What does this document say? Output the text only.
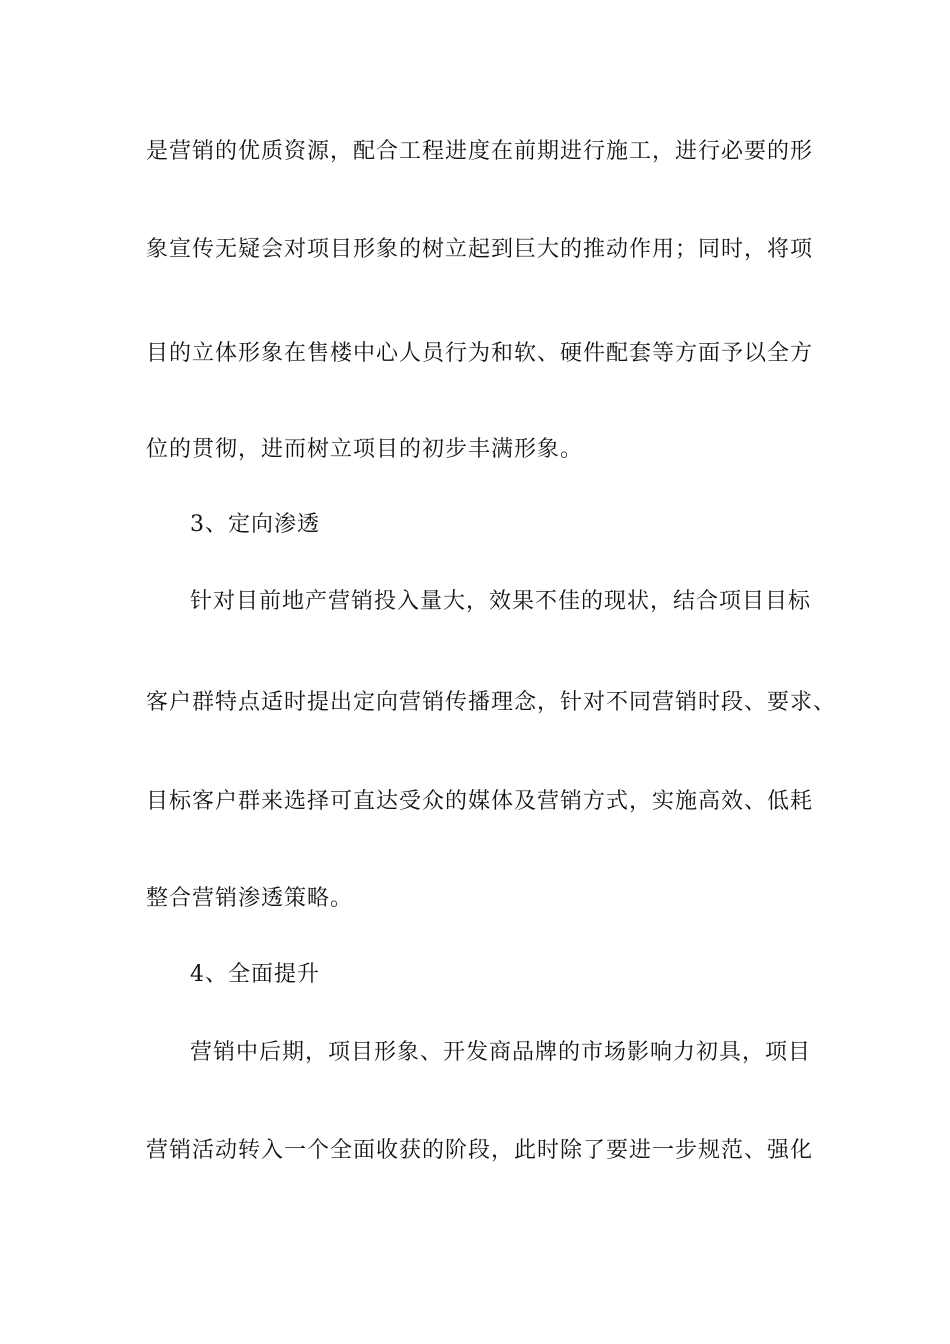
是营销的优质资源，配合工程进度在前期进行施工，进行必要的形
象宣传无疑会对项目形象的树立起到巨大的推动作用；同时，将项
目的立体形象在售楼中心人员行为和软、硬件配套等方面予以全方
位的贯彻，进而树立项目的初步丰满形象。
3、定向渗透
针对目前地产营销投入量大，效果不佳的现状，结合项目目标
客户群特点适时提出定向营销传播理念，针对不同营销时段、要求、
目标客户群来选择可直达受众的媒体及营销方式，实施高效、低耗
整合营销渗透策略。
4、全面提升
营销中后期，项目形象、开发商品牌的市场影响力初具，项目
营销活动转入一个全面收获的阶段，此时除了要进一步规范、强化
